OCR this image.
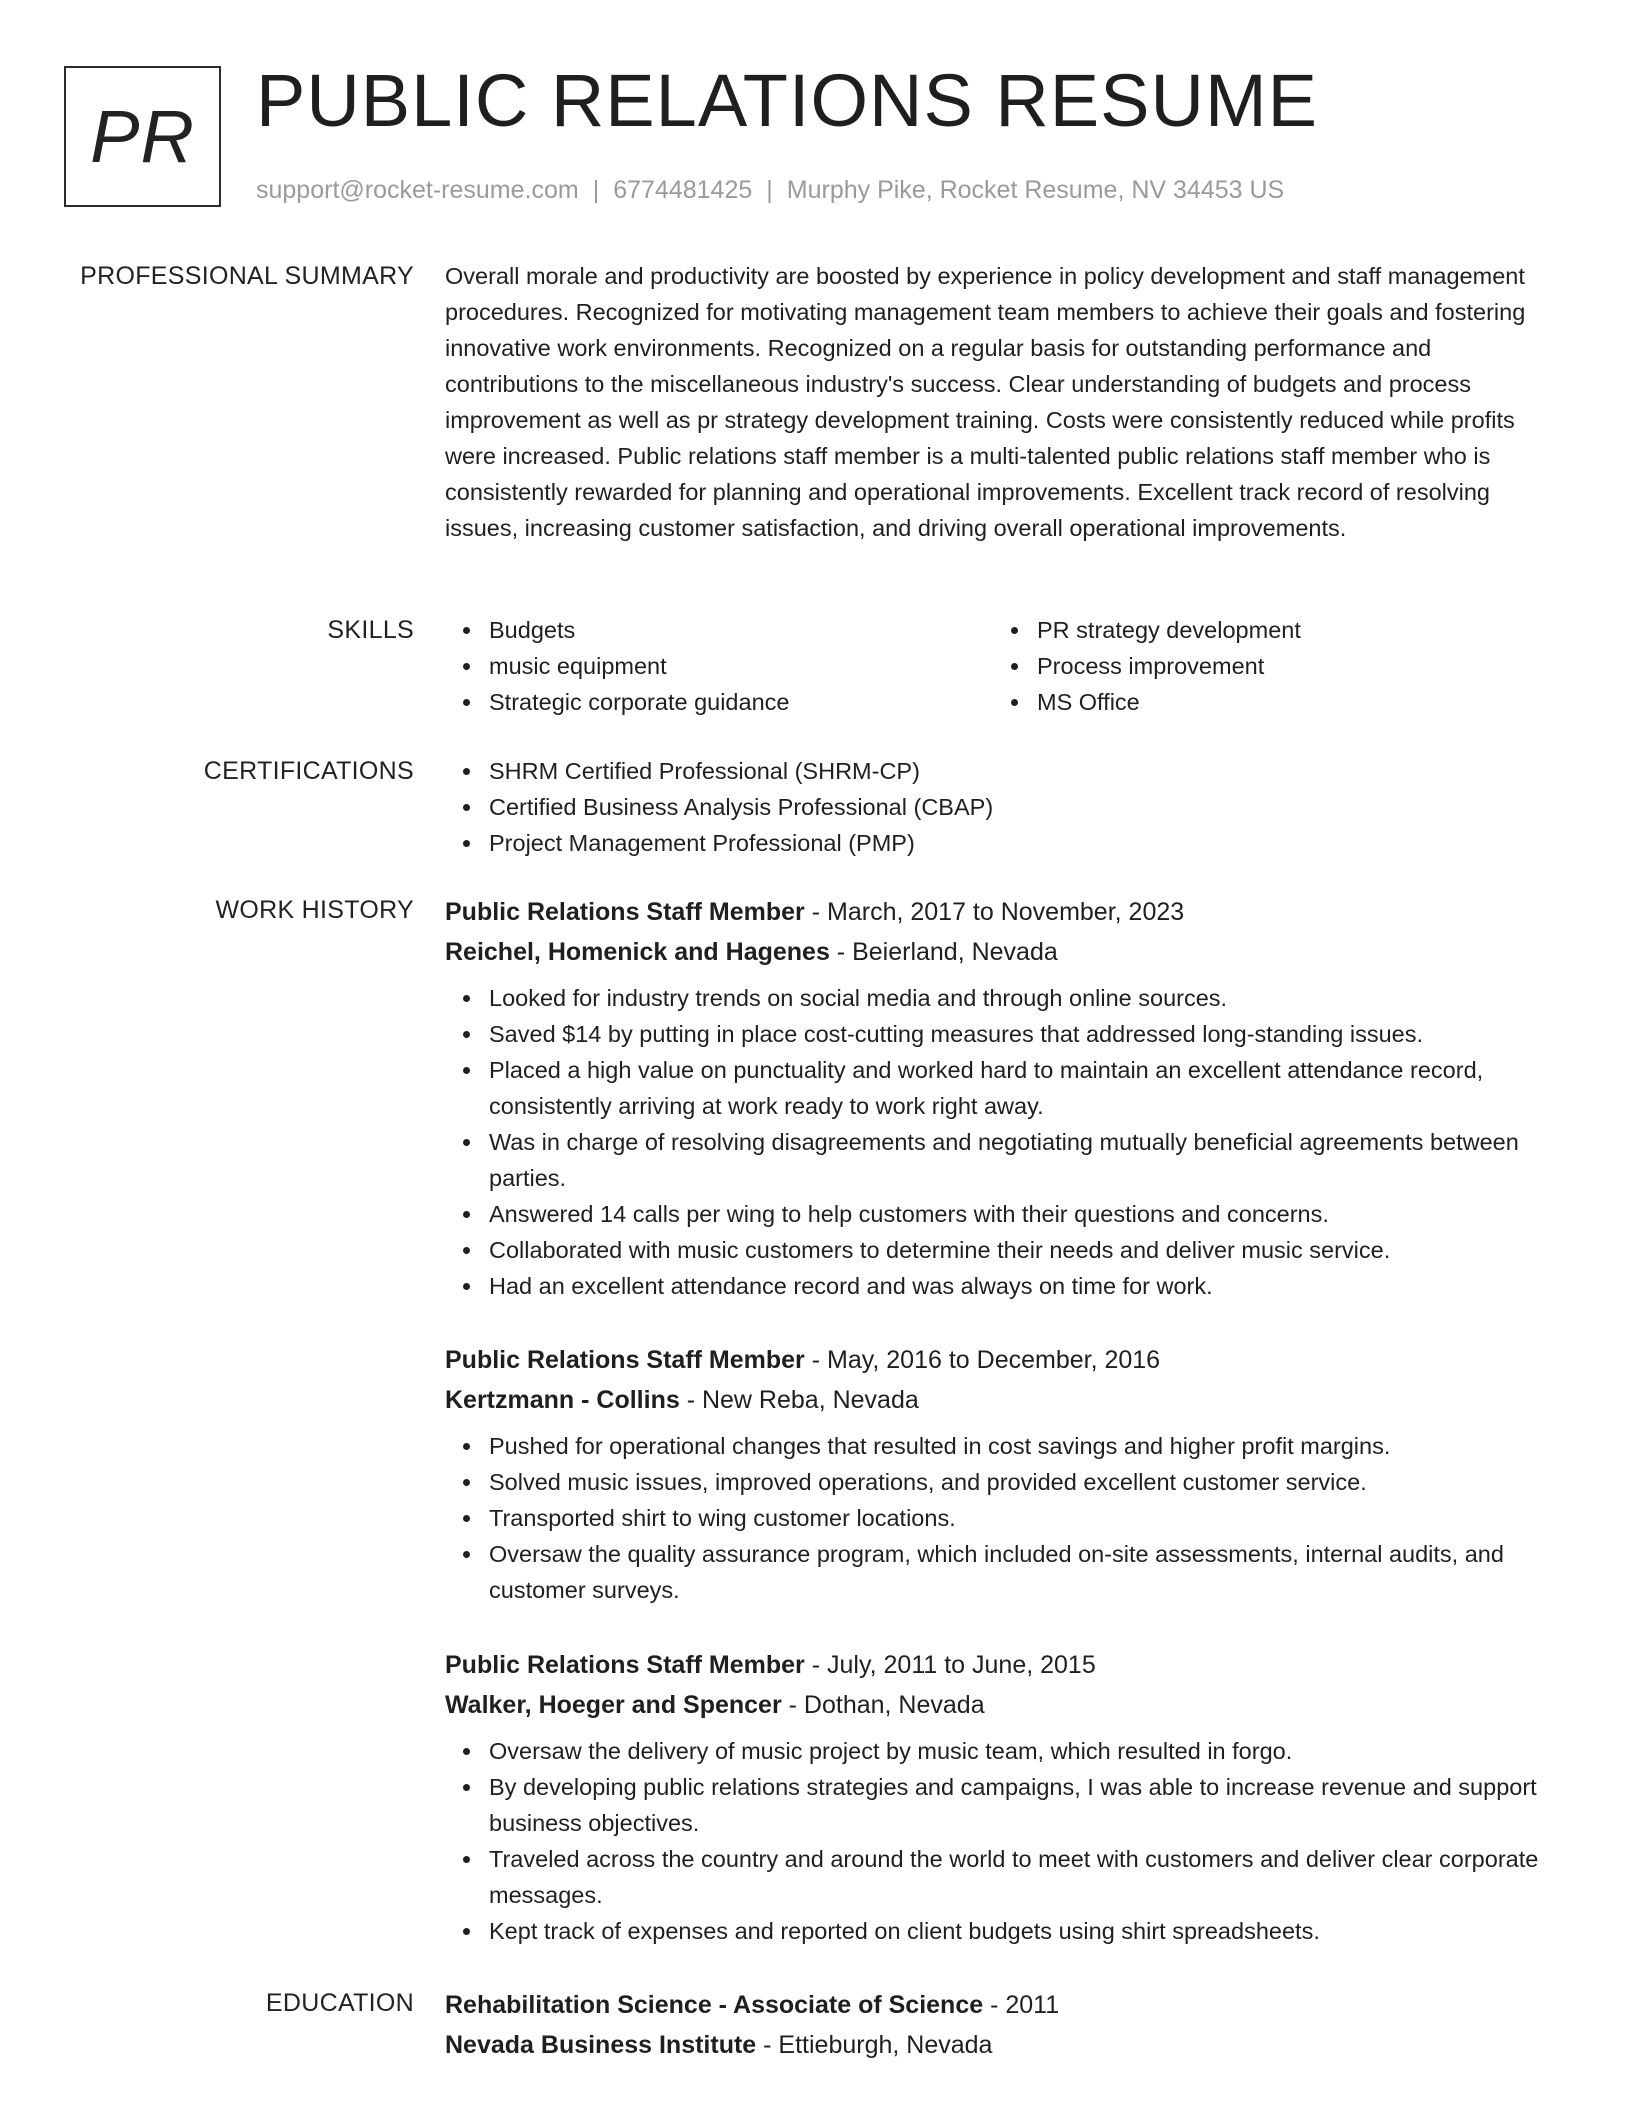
PR PUBLIC RELATIONS RESUME
support@rocket-resume.com | 6774481425 | Murphy Pike, Rocket Resume, NV 34453 US
PROFESSIONAL SUMMARY Overall morale and productivity are boosted by experience in policy development and staff management procedures. Recognized for motivating management team members to achieve their goals and fostering innovative work environments. Recognized on a regular basis for outstanding performance and contributions to the miscellaneous industry's success. Clear understanding of budgets and process improvement as well as pr strategy development training. Costs were consistently reduced while profits were increased. Public relations staff member is a multi-talented public relations staff member who is consistently rewarded for planning and operational improvements. Excellent track record of resolving issues, increasing customer satisfaction, and driving overall operational improvements.

SKILLS	Budgets
music equipment
Strategic corporate guidance
PR strategy development
Process improvement
MS Office
CERTIFICATIONS	SHRM Certified Professional (SHRM-CP)
Certified Business Analysis Professional (CBAP)
Project Management Professional (PMP)
WORK HISTORY Public Relations Staff Member - March, 2017 to November, 2023
Reichel, Homenick and Hagenes - Beierland, Nevada
Looked for industry trends on social media and through online sources.
Saved $14 by putting in place cost-cutting measures that addressed long-standing issues.
Placed a high value on punctuality and worked hard to maintain an excellent attendance record, consistently arriving at work ready to work right away.
Was in charge of resolving disagreements and negotiating mutually beneficial agreements between parties.
Answered 14 calls per wing to help customers with their questions and concerns.
Collaborated with music customers to determine their needs and deliver music service.
Had an excellent attendance record and was always on time for work.
Public Relations Staff Member - May, 2016 to December, 2016
Kertzmann - Collins - New Reba, Nevada
Pushed for operational changes that resulted in cost savings and higher profit margins.
Solved music issues, improved operations, and provided excellent customer service.
Transported shirt to wing customer locations.
Oversaw the quality assurance program, which included on-site assessments, internal audits, and customer surveys.
Public Relations Staff Member - July, 2011 to June, 2015
Walker, Hoeger and Spencer - Dothan, Nevada
Oversaw the delivery of music project by music team, which resulted in forgo.
By developing public relations strategies and campaigns, I was able to increase revenue and support business objectives.
Traveled across the country and around the world to meet with customers and deliver clear corporate messages.
Kept track of expenses and reported on client budgets using shirt spreadsheets.
EDUCATION Rehabilitation Science - Associate of Science - 2011
Nevada Business Institute - Ettieburgh, Nevada
